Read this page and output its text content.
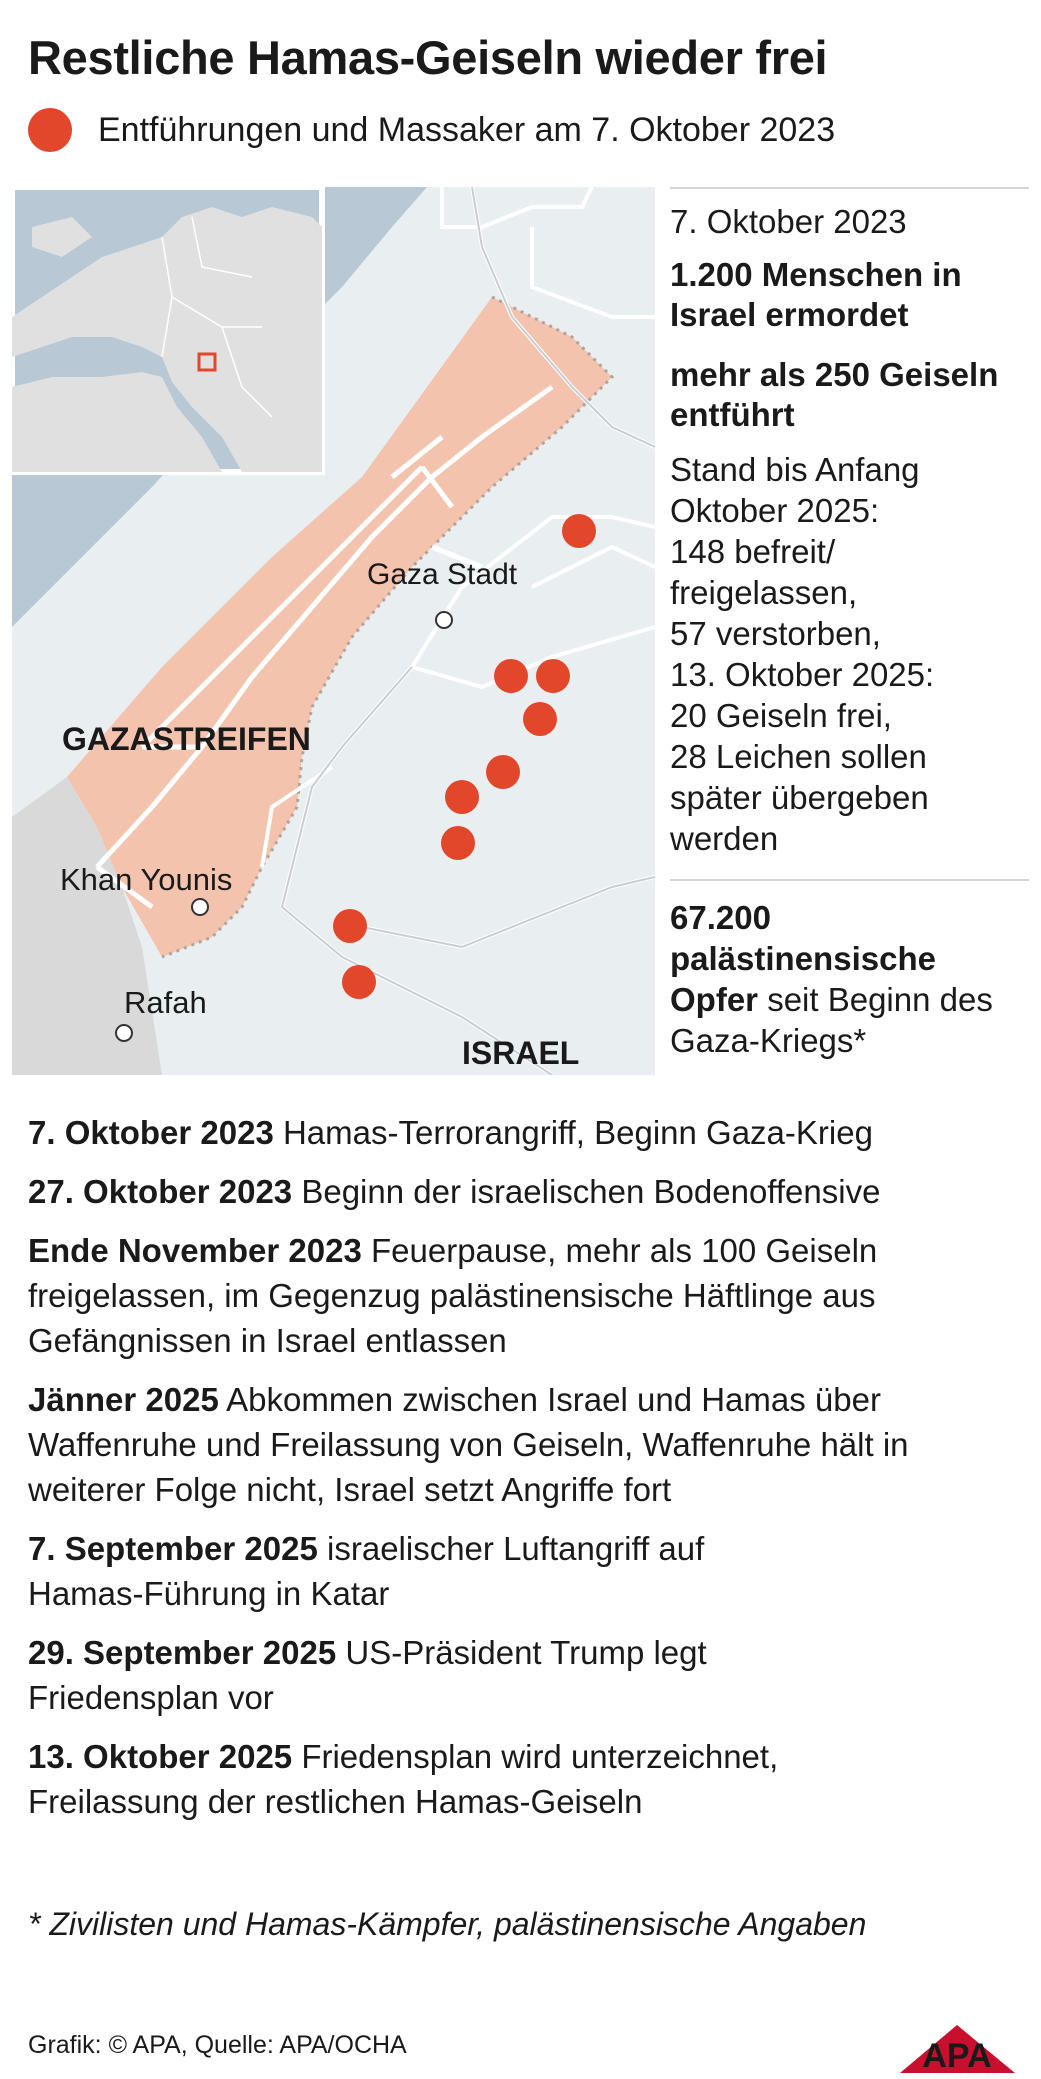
Restliche Hamas-Geiseln wieder frei
Entführungen und Massaker am 7. Oktober 2023
Gaza Stadt
GAZASTREIFEN
Khan Younis
Rafah
ISRAEL
7. Oktober 2023
1.200 Menschen in Israel ermordet
mehr als 250 Geiseln entführt
Stand bis Anfang
Oktober 2025:
148 befreit/
freigelassen,
57 verstorben,
13. Oktober 2025:
20 Geiseln frei,
28 Leichen sollen
später übergeben
werden
67.200 palästinensische Opfer seit Beginn des Gaza-Kriegs*
7. Oktober 2023 Hamas-Terrorangriff, Beginn Gaza-Krieg
27. Oktober 2023 Beginn der israelischen Bodenoffensive
Ende November 2023 Feuerpause, mehr als 100 Geiseln freigelassen, im Gegenzug palästinensische Häftlinge aus Gefängnissen in Israel entlassen
Jänner 2025 Abkommen zwischen Israel und Hamas über Waffenruhe und Freilassung von Geiseln, Waffenruhe hält in weiterer Folge nicht, Israel setzt Angriffe fort
7. September 2025 israelischer Luftangriff auf Hamas-Führung in Katar
29. September 2025 US-Präsident Trump legt Friedensplan vor
13. Oktober 2025 Friedensplan wird unterzeichnet, Freilassung der restlichen Hamas-Geiseln
* Zivilisten und Hamas-Kämpfer, palästinensische Angaben
Grafik: © APA, Quelle: APA/OCHA	APA
